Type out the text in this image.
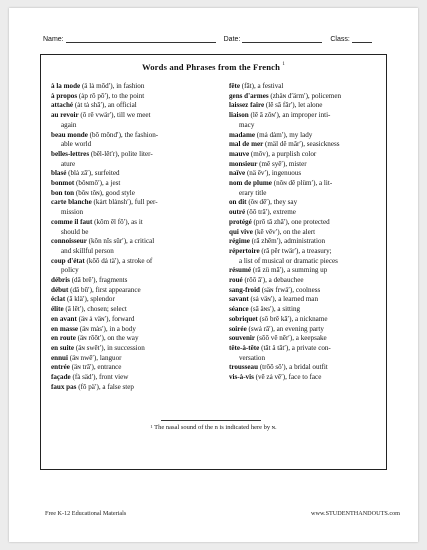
Name:	Date:	Class:
Words and Phrases from the French $^1$
à la mode (ä lȧ mōd′), in fashion
à propos (ȧp rō pō′), to the point
attaché (ȧt tȧ shā′), an official
au revoir (ō rẽ vwär′), till we meet
again
beau monde (bō mônd′), the fashion-
able world
belles-lettres (bĕl-lĕt′r), polite liter-
ature
blasé (blȧ zā′), surfeited
bonmot (bôɴmō′), a jest
bon ton (bôɴ tôɴ), good style
carte blanche (kȧrt blȧnsh′), full per-
mission
comme il faut (kŏm ēl fō′), as it
should be
connoisseur (kŏn nĭs sûr′), a critical
and skillful person
coup d'état (kōō dȧ tä′), a stroke of
policy
débris (dā brē′), fragments
début (dā bū′), first appearance
éclat (ā klä′), splendor
élite (ā lēt′), chosen; select
en avant (äɴ ȧ väɴ′), forward
en masse (äɴ mȧs′), in a body
en route (äɴ rōōt′), on the way
en suite (äɴ swēt′), in succession
ennui (äɴ nwē′), languor
entrée (äɴ trā′), entrance
façade (fȧ säd′), front view
faux pas (fō pä′), a false step
fête (fāt), a festival
gens d'armes (zhäɴ d′ärm′), policemen
laissez faire (lĕ sā fâr′), let alone
liaison (lē ā zôɴ′), an improper inti-
macy
madame (mȧ dȧm′), my lady
mal de mer (mäl dẽ mâr′), seasickness
mauve (mōv), a purplish color
monsieur (mẽ syẽ′), mister
naïve (nä ēv′), ingenuous
nom de plume (nôɴ dẽ plüm′), a lit-
erary title
on dit (ôɴ dē′), they say
outré (ōō trā′), extreme
protégé (prō tā zhā′), one protected
qui vive (kē vēv′), on the alert
régime (rā zhēm′), administration
répertoire (rā pĕr twär′), a treasury;
a list of musical or dramatic pieces
résumé (rā zü mā′), a summing up
roué (rōō ā′), a debauchee
sang-froid (säɴ frwä′), coolness
savant (sȧ väɴ′), a learned man
séance (sā äɴs′), a sitting
sobriquet (sō brē kā′), a nickname
soirée (swȧ rā′), an evening party
souvenir (sōō vẽ nēr′), a keepsake
tête-à-tête (tāt ä tāt′), a private con-
versation
trousseau (trōō sō′), a bridal outfit
vis-à-vis (vē zȧ vē′), face to face
$^1$ The nasal sound of the n is indicated here by ɴ.
Free K-12 Educational Materials	www.STUDENTHANDOUTS.com
